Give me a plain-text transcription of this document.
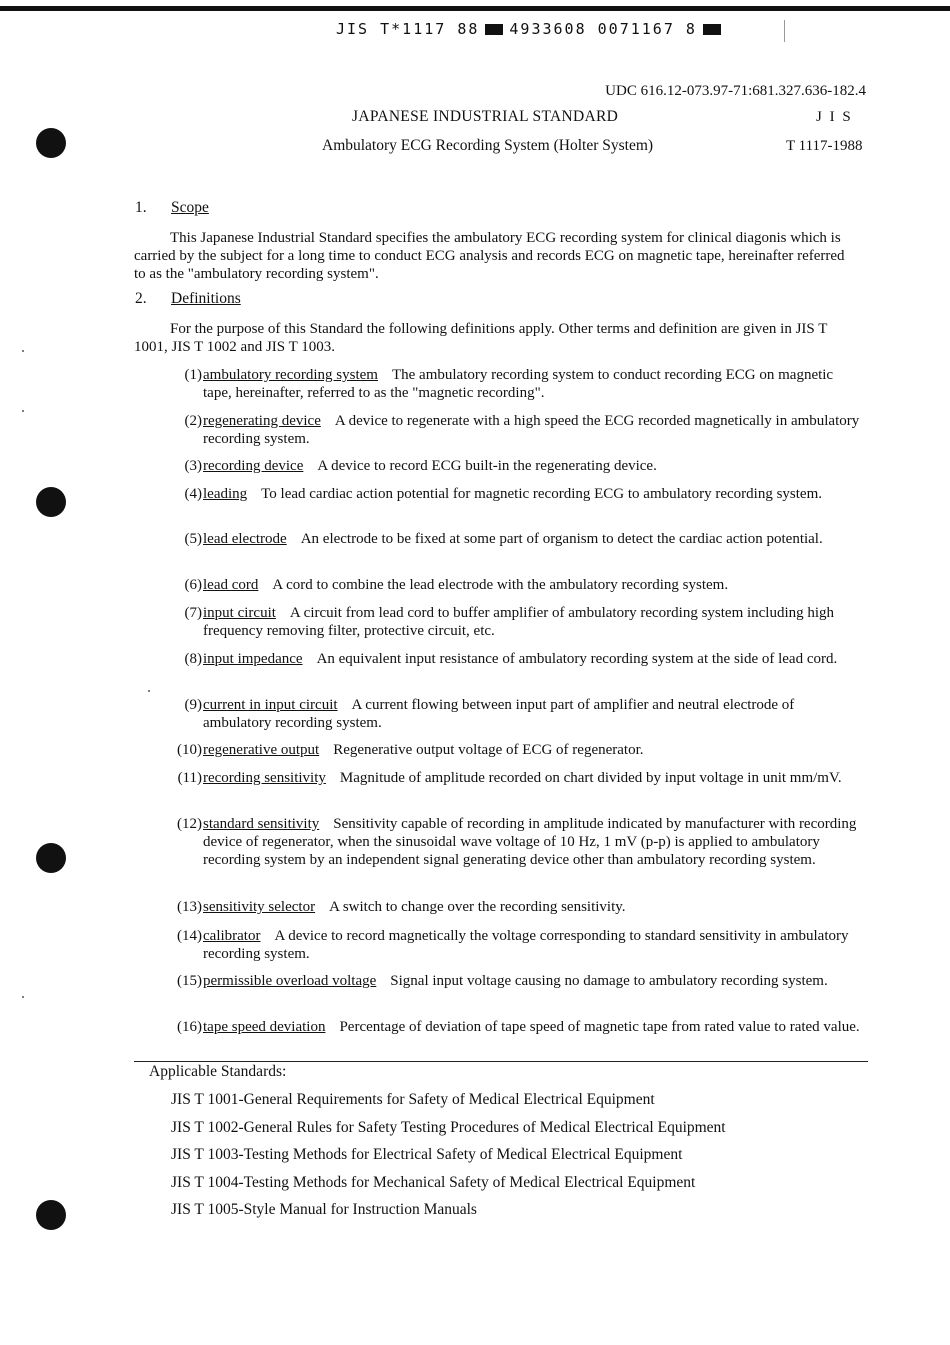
JIS T*1117 88 4933608 0071167 8
UDC 616.12-073.97-71:681.327.636-182.4
JAPANESE INDUSTRIAL STANDARD	J I S
Ambulatory ECG Recording System (Holter System)	T 1117-1988
1. Scope
This Japanese Industrial Standard specifies the ambulatory ECG recording system for clinical diagonis which is carried by the subject for a long time to conduct ECG analysis and records ECG on magnetic tape, hereinafter referred to as the "ambulatory recording system".
2. Definitions
For the purpose of this Standard the following definitions apply. Other terms and definition are given in JIS T 1001, JIS T 1002 and JIS T 1003.
(1) ambulatory recording system The ambulatory recording system to conduct recording ECG on magnetic tape, hereinafter, referred to as the "magnetic recording".
(2) regenerating device A device to regenerate with a high speed the ECG recorded magnetically in ambulatory recording system.
(3) recording device A device to record ECG built-in the regenerating device.
(4) leading To lead cardiac action potential for magnetic recording ECG to ambulatory recording system.
(5) lead electrode An electrode to be fixed at some part of organism to detect the cardiac action potential.
(6) lead cord A cord to combine the lead electrode with the ambulatory recording system.
(7) input circuit A circuit from lead cord to buffer amplifier of ambulatory recording system including high frequency removing filter, protective circuit, etc.
(8) input impedance An equivalent input resistance of ambulatory recording system at the side of lead cord.
(9) current in input circuit A current flowing between input part of amplifier and neutral electrode of ambulatory recording system.
(10) regenerative output Regenerative output voltage of ECG of regenerator.
(11) recording sensitivity Magnitude of amplitude recorded on chart divided by input voltage in unit mm/mV.
(12) standard sensitivity Sensitivity capable of recording in amplitude indicated by manufacturer with recording device of regenerator, when the sinusoidal wave voltage of 10 Hz, 1 mV (p-p) is applied to ambulatory recording system by an independent signal generating device other than ambulatory recording system.
(13) sensitivity selector A switch to change over the recording sensitivity.
(14) calibrator A device to record magnetically the voltage corresponding to standard sensitivity in ambulatory recording system.
(15) permissible overload voltage Signal input voltage causing no damage to ambulatory recording system.
(16) tape speed deviation Percentage of deviation of tape speed of magnetic tape from rated value to rated value.
Applicable Standards:
JIS T 1001-General Requirements for Safety of Medical Electrical Equipment
JIS T 1002-General Rules for Safety Testing Procedures of Medical Electrical Equipment
JIS T 1003-Testing Methods for Electrical Safety of Medical Electrical Equipment
JIS T 1004-Testing Methods for Mechanical Safety of Medical Electrical Equipment
JIS T 1005-Style Manual for Instruction Manuals
